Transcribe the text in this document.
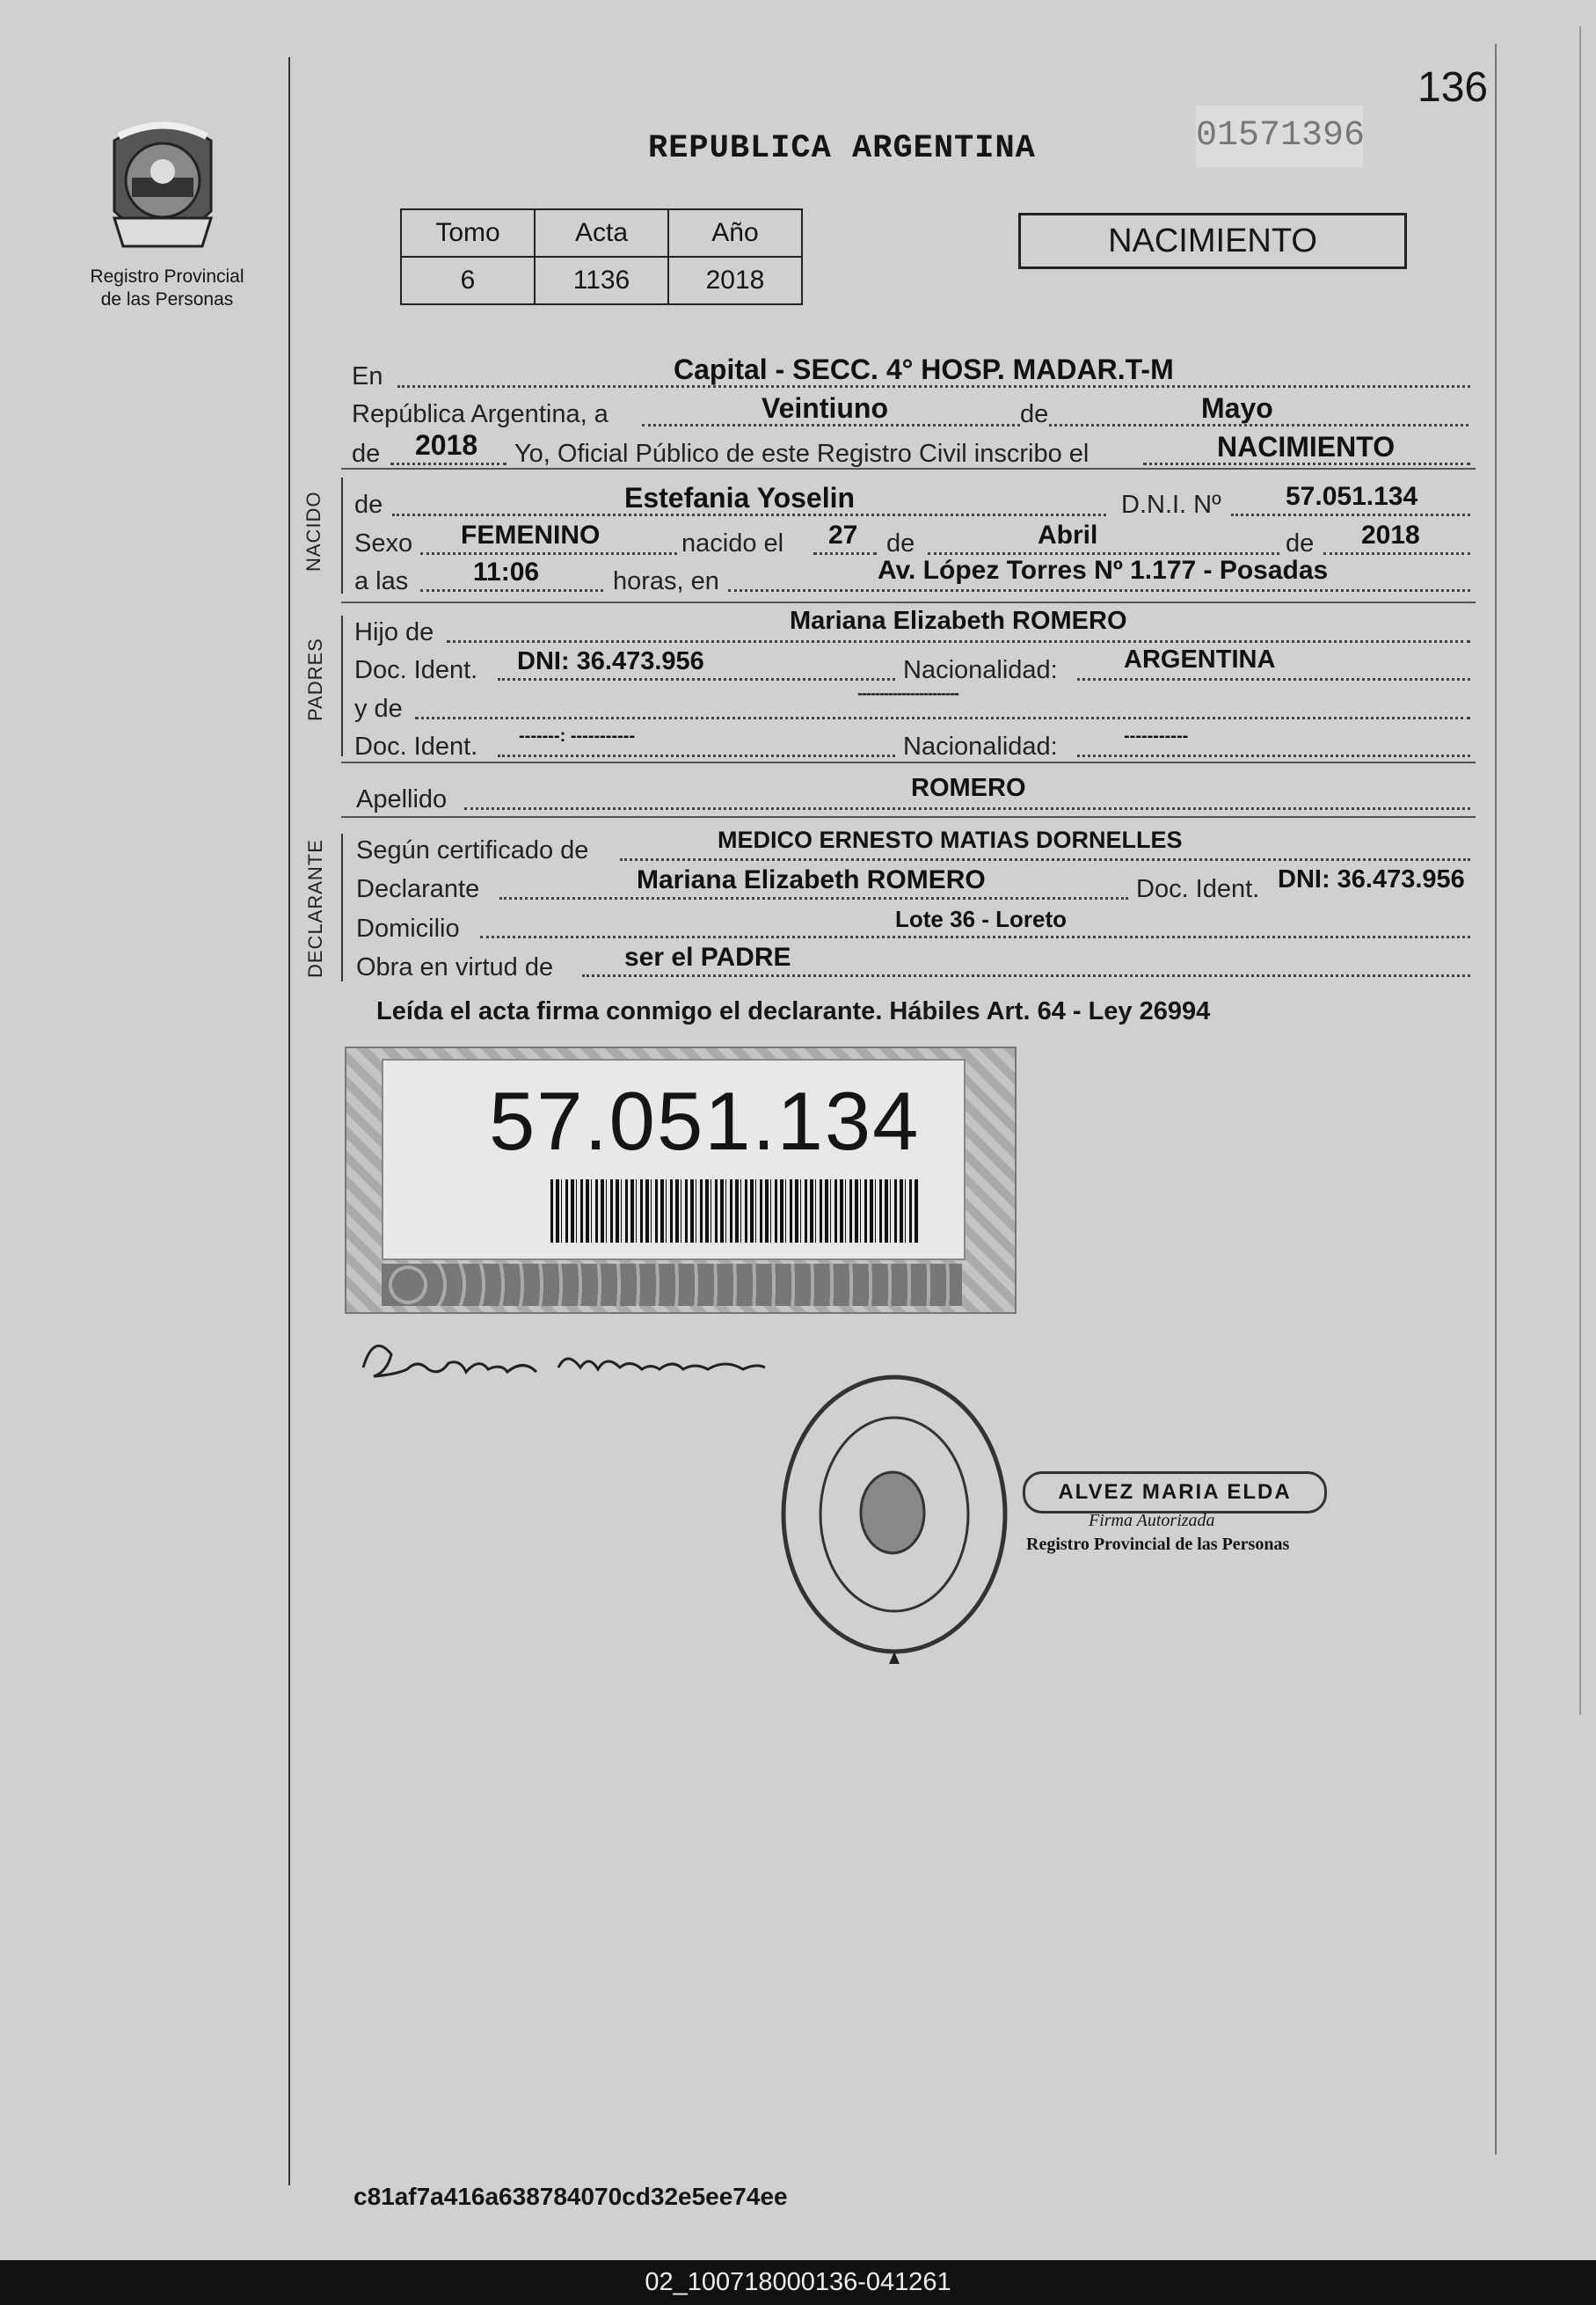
136
01571396
Registro Provincial
de las Personas
REPUBLICA ARGENTINA
Tomo	Acta	Año
6	1136	2018
NACIMIENTO
En	Capital - SECC. 4° HOSP. MADAR.T-M
República Argentina, a	Veintiuno	de	Mayo
de 2018 Yo, Oficial Público de este Registro Civil inscribo el	NACIMIENTO
NACIDO de	Estefania Yoselin	D.N.I. Nº 57.051.134
Sexo FEMENINO	nacido el 27 de	Abril	de 2018
a las 11:06	horas, en	Av. López Torres Nº 1.177 - Posadas
PADRES
Hijo de	Mariana Elizabeth ROMERO
Doc. Ident. DNI: 36.473.956	Nacionalidad:	ARGENTINA
-----------------------
y de
Doc. Ident. -------: -----------	Nacionalidad:	-----------
Apellido	ROMERO
DECLARANTE Según certificado de	MEDICO ERNESTO MATIAS DORNELLES
Declarante	Mariana Elizabeth ROMERO	Doc. Ident. DNI: 36.473.956
Domicilio	Lote 36 - Loreto
Obra en virtud de	ser el PADRE
Leída el acta firma conmigo el declarante. Hábiles Art. 64 - Ley 26994
57.051.134
ALVEZ MARIA ELDA
Firma Autorizada
Registro Provincial de las Personas
c81af7a416a638784070cd32e5ee74ee
02_100718000136-041261
